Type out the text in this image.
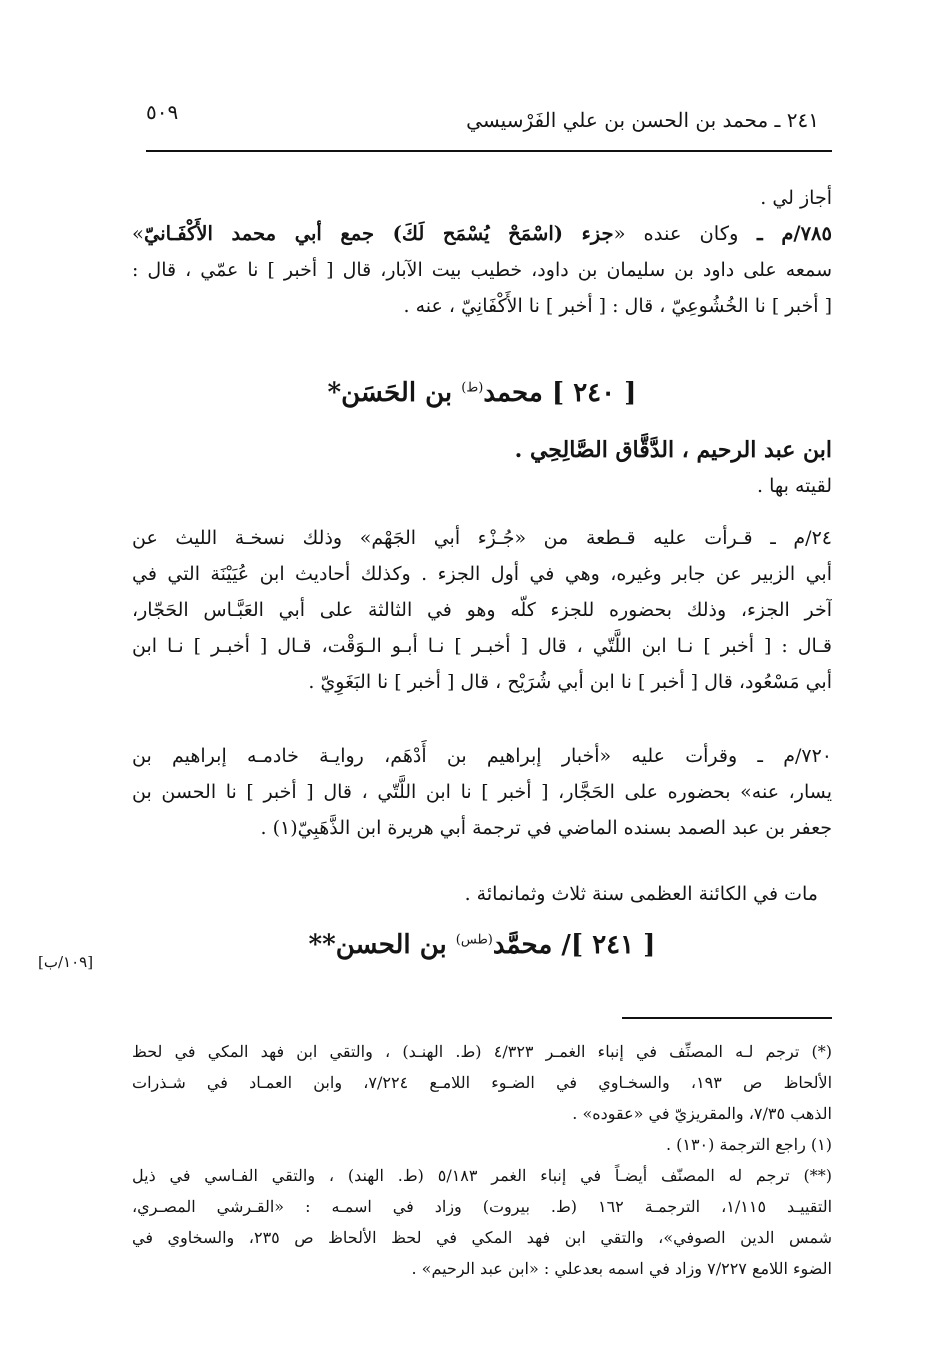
٢٤١ ـ محمد بن الحسن بن علي الفَرْسيسي
٥٠٩
أجاز لي .
٧٨٥/م ـ وكان عنده «جزء (اسْمَحْ يُسْمَح لَكَ) جمع أبي محمد الأَكْفَـانيّ»
سمعه على داود بن سليمان بن داود، خطيب بيت الآبار، قال [ أخبر ] نا عمّي ، قال :
[ أخبر ] نا الخُشُوعِيّ ، قال : [ أخبر ] نا الأَكْفَانِيّ ، عنه .
[ ٢٤٠ ] محمد$^{(ط)}$ بن الحَسَن*
ابن عبد الرحيم ، الدَّقَّاق الصَّالِحِي .
لقيته بها .
٢٤/م ـ قـرأت عليه قـطعة من «جُـزْء أبي الجَهْم» وذلك نسخـة الليث عن
أبي الزبير عن جابر وغيره، وهي في أول الجزء . وكذلك أحاديث ابن عُيَيْنَة التي في
آخر الجزء، وذلك بحضوره للجزء كلّه وهو في الثالثة على أبي العَبَّـاس الحَجّار،
قـال : [ أخبر ] نـا ابن اللَّتّي ، قال [ أخبـر ] نـا أبـو الـوَقْت، قـال [ أخبـر ] نـا ابن
أبي مَسْعُود، قال [ أخبر ] نا ابن أبي شُرَيْح ، قال [ أخبر ] نا البَغَوِيّ .
٧٢٠/م ـ وقرأت عليه «أخبار إبراهيم بن أَدْهَم، روايـة خادمـه إبراهيم بن
يسار، عنه» بحضوره على الحَجَّار، [ أخبر ] نا ابن اللَّتّي ، قال [ أخبر ] نا الحسن بن
جعفر بن عبد الصمد بسنده الماضي في ترجمة أبي هريرة ابن الذَّهَبِيّ(١) .
مات في الكائنة العظمى سنة ثلاث وثمانمائة .
[ ٢٤١ ]/ محمَّد$^{(طس)}$ بن الحسن**
[١٠٩/ب]
(*) ترجم لـه المصنِّف في إنباء الغمـر ٤/٣٢٣ (ط. الهنـد) ، والتقي ابن فهد المكي في لحظ
الألحاظ ص ١٩٣، والسخـاوي في الضـوء اللامـع ٧/٢٢٤، وابن العمـاد في شـذرات
الذهب ٧/٣٥، والمقريزيّ في «عقوده» .
(١) راجع الترجمة (١٣٠) .
(**) ترجم له المصنّف أيضـاً في إنباء الغمر ٥/١٨٣ (ط. الهند) ، والتقي الفـاسي في ذيل
التقييـد ١/١١٥، الترجمـة ١٦٢ (ط. بيروت) وزاد في اسمـه : «القـرشي المصـري،
شمس الدين الصوفي»، والتقي ابن فهد المكي في لحظ الألحاظ ص ٢٣٥، والسخاوي في
الضوء اللامع ٧/٢٢٧ وزاد في اسمه بعدعلي : «ابن عبد الرحيم» .
